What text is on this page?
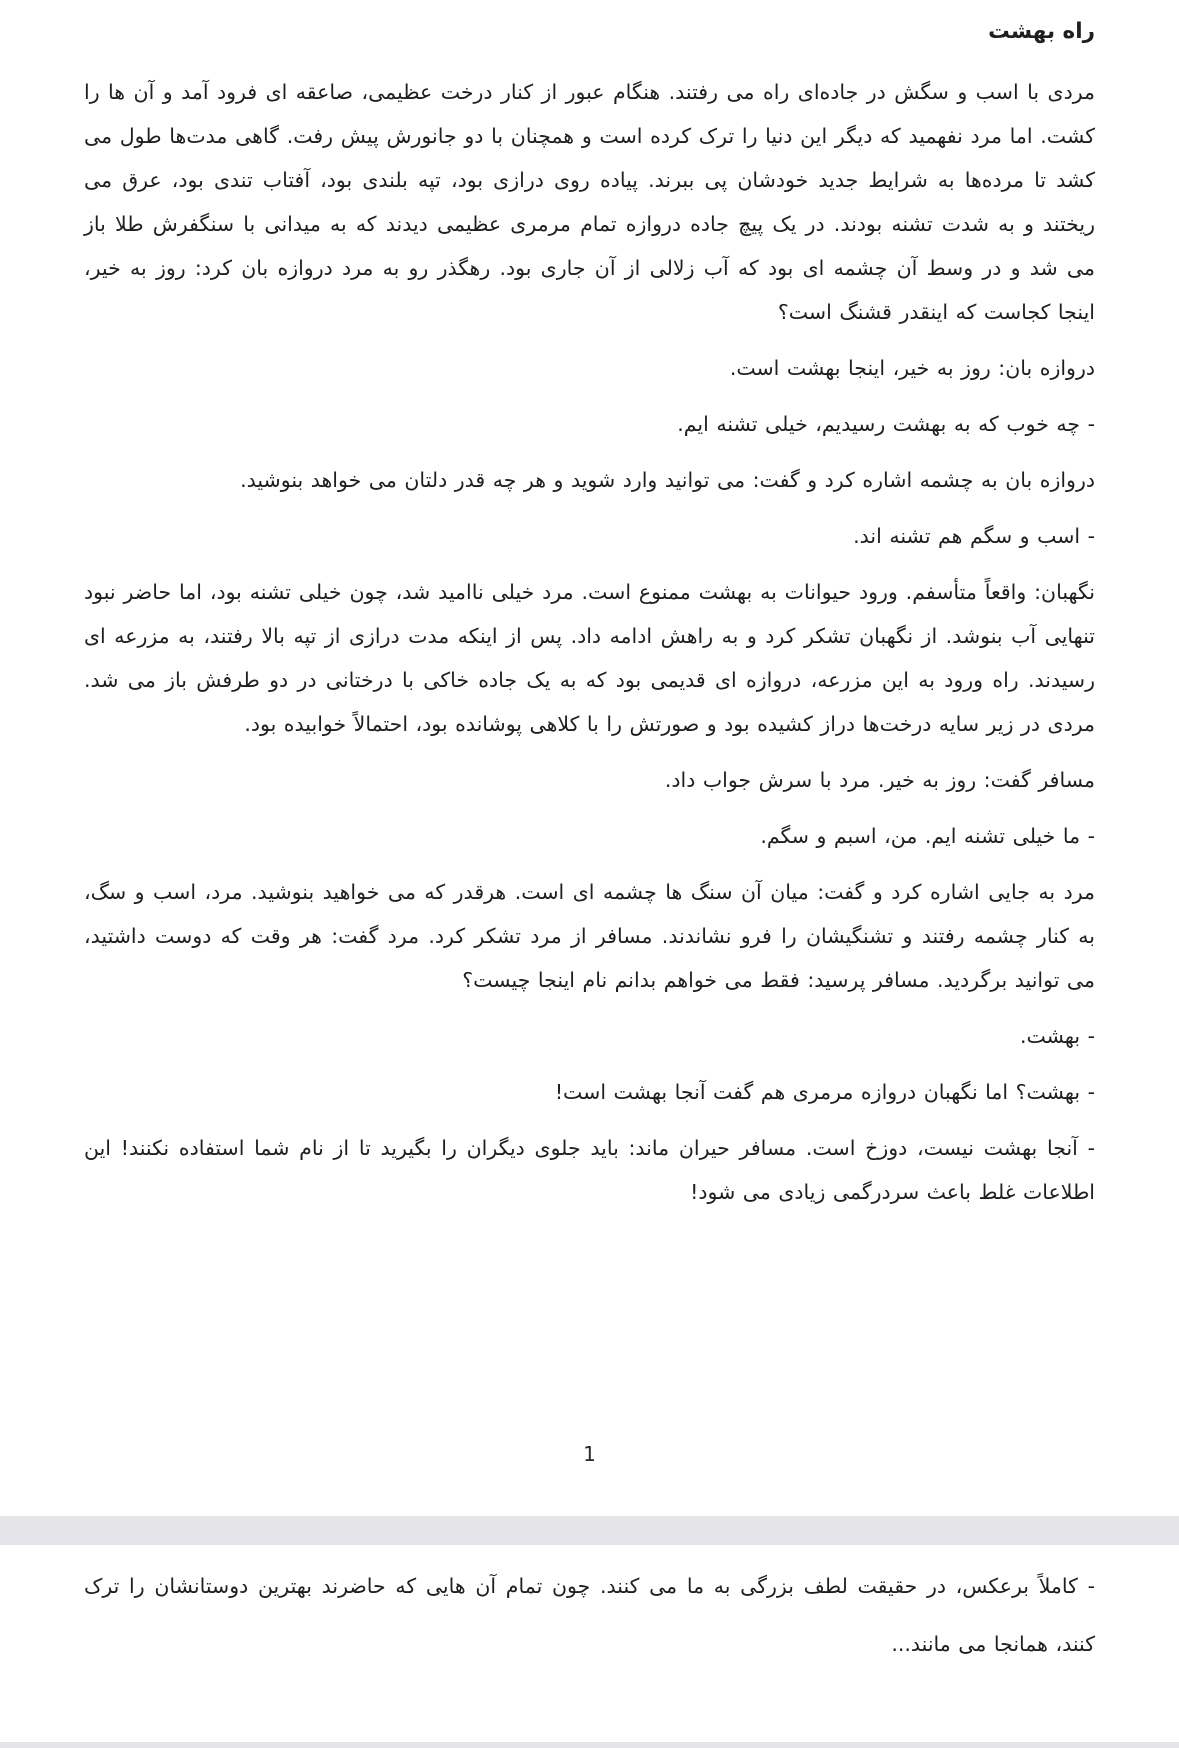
راه بهشت

مردی با اسب و سگش در جاده‌ای راه می رفتند. هنگام عبور از کنار درخت عظیمی، صاعقه ای فرود آمد و آن ها را کشت. اما مرد نفهمید که دیگر این دنیا را ترک کرده است و همچنان با دو جانورش پیش رفت. گاهی مدت‌ها طول می کشد تا مرده‌ها به شرایط جدید خودشان پی ببرند. پیاده روی درازی بود، تپه بلندی بود، آفتاب تندی بود، عرق می ریختند و به شدت تشنه بودند. در یک پیچ جاده دروازه تمام مرمری عظیمی دیدند که به میدانی با سنگفرش طلا باز می شد و در وسط آن چشمه ای بود که آب زلالی از آن جاری بود. رهگذر رو به مرد دروازه بان کرد: روز به خیر، اینجا کجاست که اینقدر قشنگ است؟

دروازه بان: روز به خیر، اینجا بهشت است.

- چه خوب که به بهشت رسیدیم، خیلی تشنه ایم.

دروازه بان به چشمه اشاره کرد و گفت: می توانید وارد شوید و هر چه قدر دلتان می خواهد بنوشید.

- اسب و سگم هم تشنه اند.

نگهبان: واقعاً متأسفم. ورود حیوانات به بهشت ممنوع است. مرد خیلی ناامید شد، چون خیلی تشنه بود، اما حاضر نبود تنهایی آب بنوشد. از نگهبان تشکر کرد و به راهش ادامه داد. پس از اینکه مدت درازی از تپه بالا رفتند، به مزرعه ای رسیدند. راه ورود به این مزرعه، دروازه ای قدیمی بود که به یک جاده خاکی با درختانی در دو طرفش باز می شد. مردی در زیر سایه درخت‌ها دراز کشیده بود و صورتش را با کلاهی پوشانده بود، احتمالاً خوابیده بود.

مسافر گفت: روز به خیر. مرد با سرش جواب داد.

- ما خیلی تشنه ایم. من، اسبم و سگم.

مرد به جایی اشاره کرد و گفت: میان آن سنگ ها چشمه ای است. هرقدر که می خواهید بنوشید. مرد، اسب و سگ، به کنار چشمه رفتند و تشنگیشان را فرو نشاندند. مسافر از مرد تشکر کرد. مرد گفت: هر وقت که دوست داشتید، می توانید برگردید. مسافر پرسید: فقط می خواهم بدانم نام اینجا چیست؟

- بهشت.

- بهشت؟ اما نگهبان دروازه مرمری هم گفت آنجا بهشت است!

- آنجا بهشت نیست، دوزخ است. مسافر حیران ماند: باید جلوی دیگران را بگیرید تا از نام شما استفاده نکنند! این اطلاعات غلط باعث سردرگمی زیادی می شود!

1

- کاملاً برعکس، در حقیقت لطف بزرگی به ما می کنند. چون تمام آن هایی که حاضرند بهترین دوستانشان را ترک کنند، همانجا می مانند...
